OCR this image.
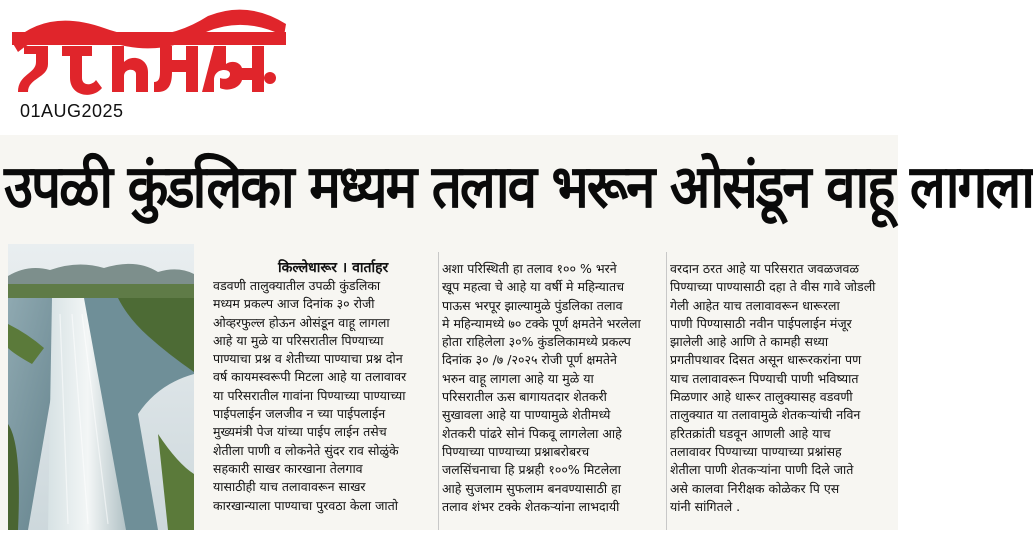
01AUG2025
उपळी कुंडलिका मध्यम तलाव भरून ओसंडून वाहू लागला
किल्लेधारूर । वार्ताहर
वडवणी तालुक्यातील उपळी कुंडलिका
मध्यम प्रकल्प आज दिनांक ३० रोजी
ओव्हरफुल्ल होऊन ओसंडून वाहू लागला
आहे या मुळे या परिसरातील पिण्याच्या
पाण्याचा प्रश्न व शेतीच्या पाण्याचा प्रश्न दोन
वर्ष कायमस्वरूपी मिटला आहे या तलावावर
या परिसरातील गावांना पिण्याच्या पाण्याच्या
पाईपलाईन जलजीव न च्या पाईपलाईन
मुख्यमंत्री पेज यांच्या पाईप लाईन तसेच
शेतीला पाणी व लोकनेते सुंदर राव सोळुंके
सहकारी साखर कारखाना तेलगाव
यासाठीही याच तलावावरून साखर
कारखान्याला पाण्याचा पुरवठा केला जातो
अशा परिस्थिती हा तलाव १०० % भरने
खूप महत्वा चे आहे या वर्षी मे महिन्यातच
पाऊस भरपूर झाल्यामुळे पुंडलिका तलाव
मे महिन्यामध्ये ७० टक्के पूर्ण क्षमतेने भरलेला
होता राहिलेला ३०% कुंडलिकामध्ये प्रकल्प
दिनांक ३० /७ /२०२५ रोजी पूर्ण क्षमतेने
भरुन वाहू लागला आहे या मुळे या
परिसरातील ऊस बागायतदार शेतकरी
सुखावला आहे या पाण्यामुळे शेतीमध्ये
शेतकरी पांढरे सोनं पिकवू लागलेला आहे
पिण्याच्या पाण्याच्या प्रश्नाबरोबरच
जलसिंचनाचा हि प्रश्नही १००% मिटलेला
आहे सुजलाम सुफलाम बनवण्यासाठी हा
तलाव शंभर टक्के शेतकऱ्यांना लाभदायी
वरदान ठरत आहे या परिसरात जवळजवळ
पिण्याच्या पाण्यासाठी दहा ते वीस गावे जोडली
गेली आहेत याच तलावावरून धारूरला
पाणी पिण्यासाठी नवीन पाईपलाईन मंजूर
झालेली आहे आणि ते कामही सध्या
प्रगतीपथावर दिसत असून धारूरकरांना पण
याच तलावावरून पिण्याची पाणी भविष्यात
मिळणार आहे धारूर तालुक्यासह वडवणी
तालुक्यात या तलावामुळे शेतकऱ्यांची नविन
हरितक्रांती घडवून आणली आहे याच
तलावावर पिण्याच्या पाण्याच्या प्रश्नांसह
शेतीला पाणी शेतकऱ्यांना पाणी दिले जाते
असे कालवा निरीक्षक कोळेकर पि एस
यांनी सांगितले .
